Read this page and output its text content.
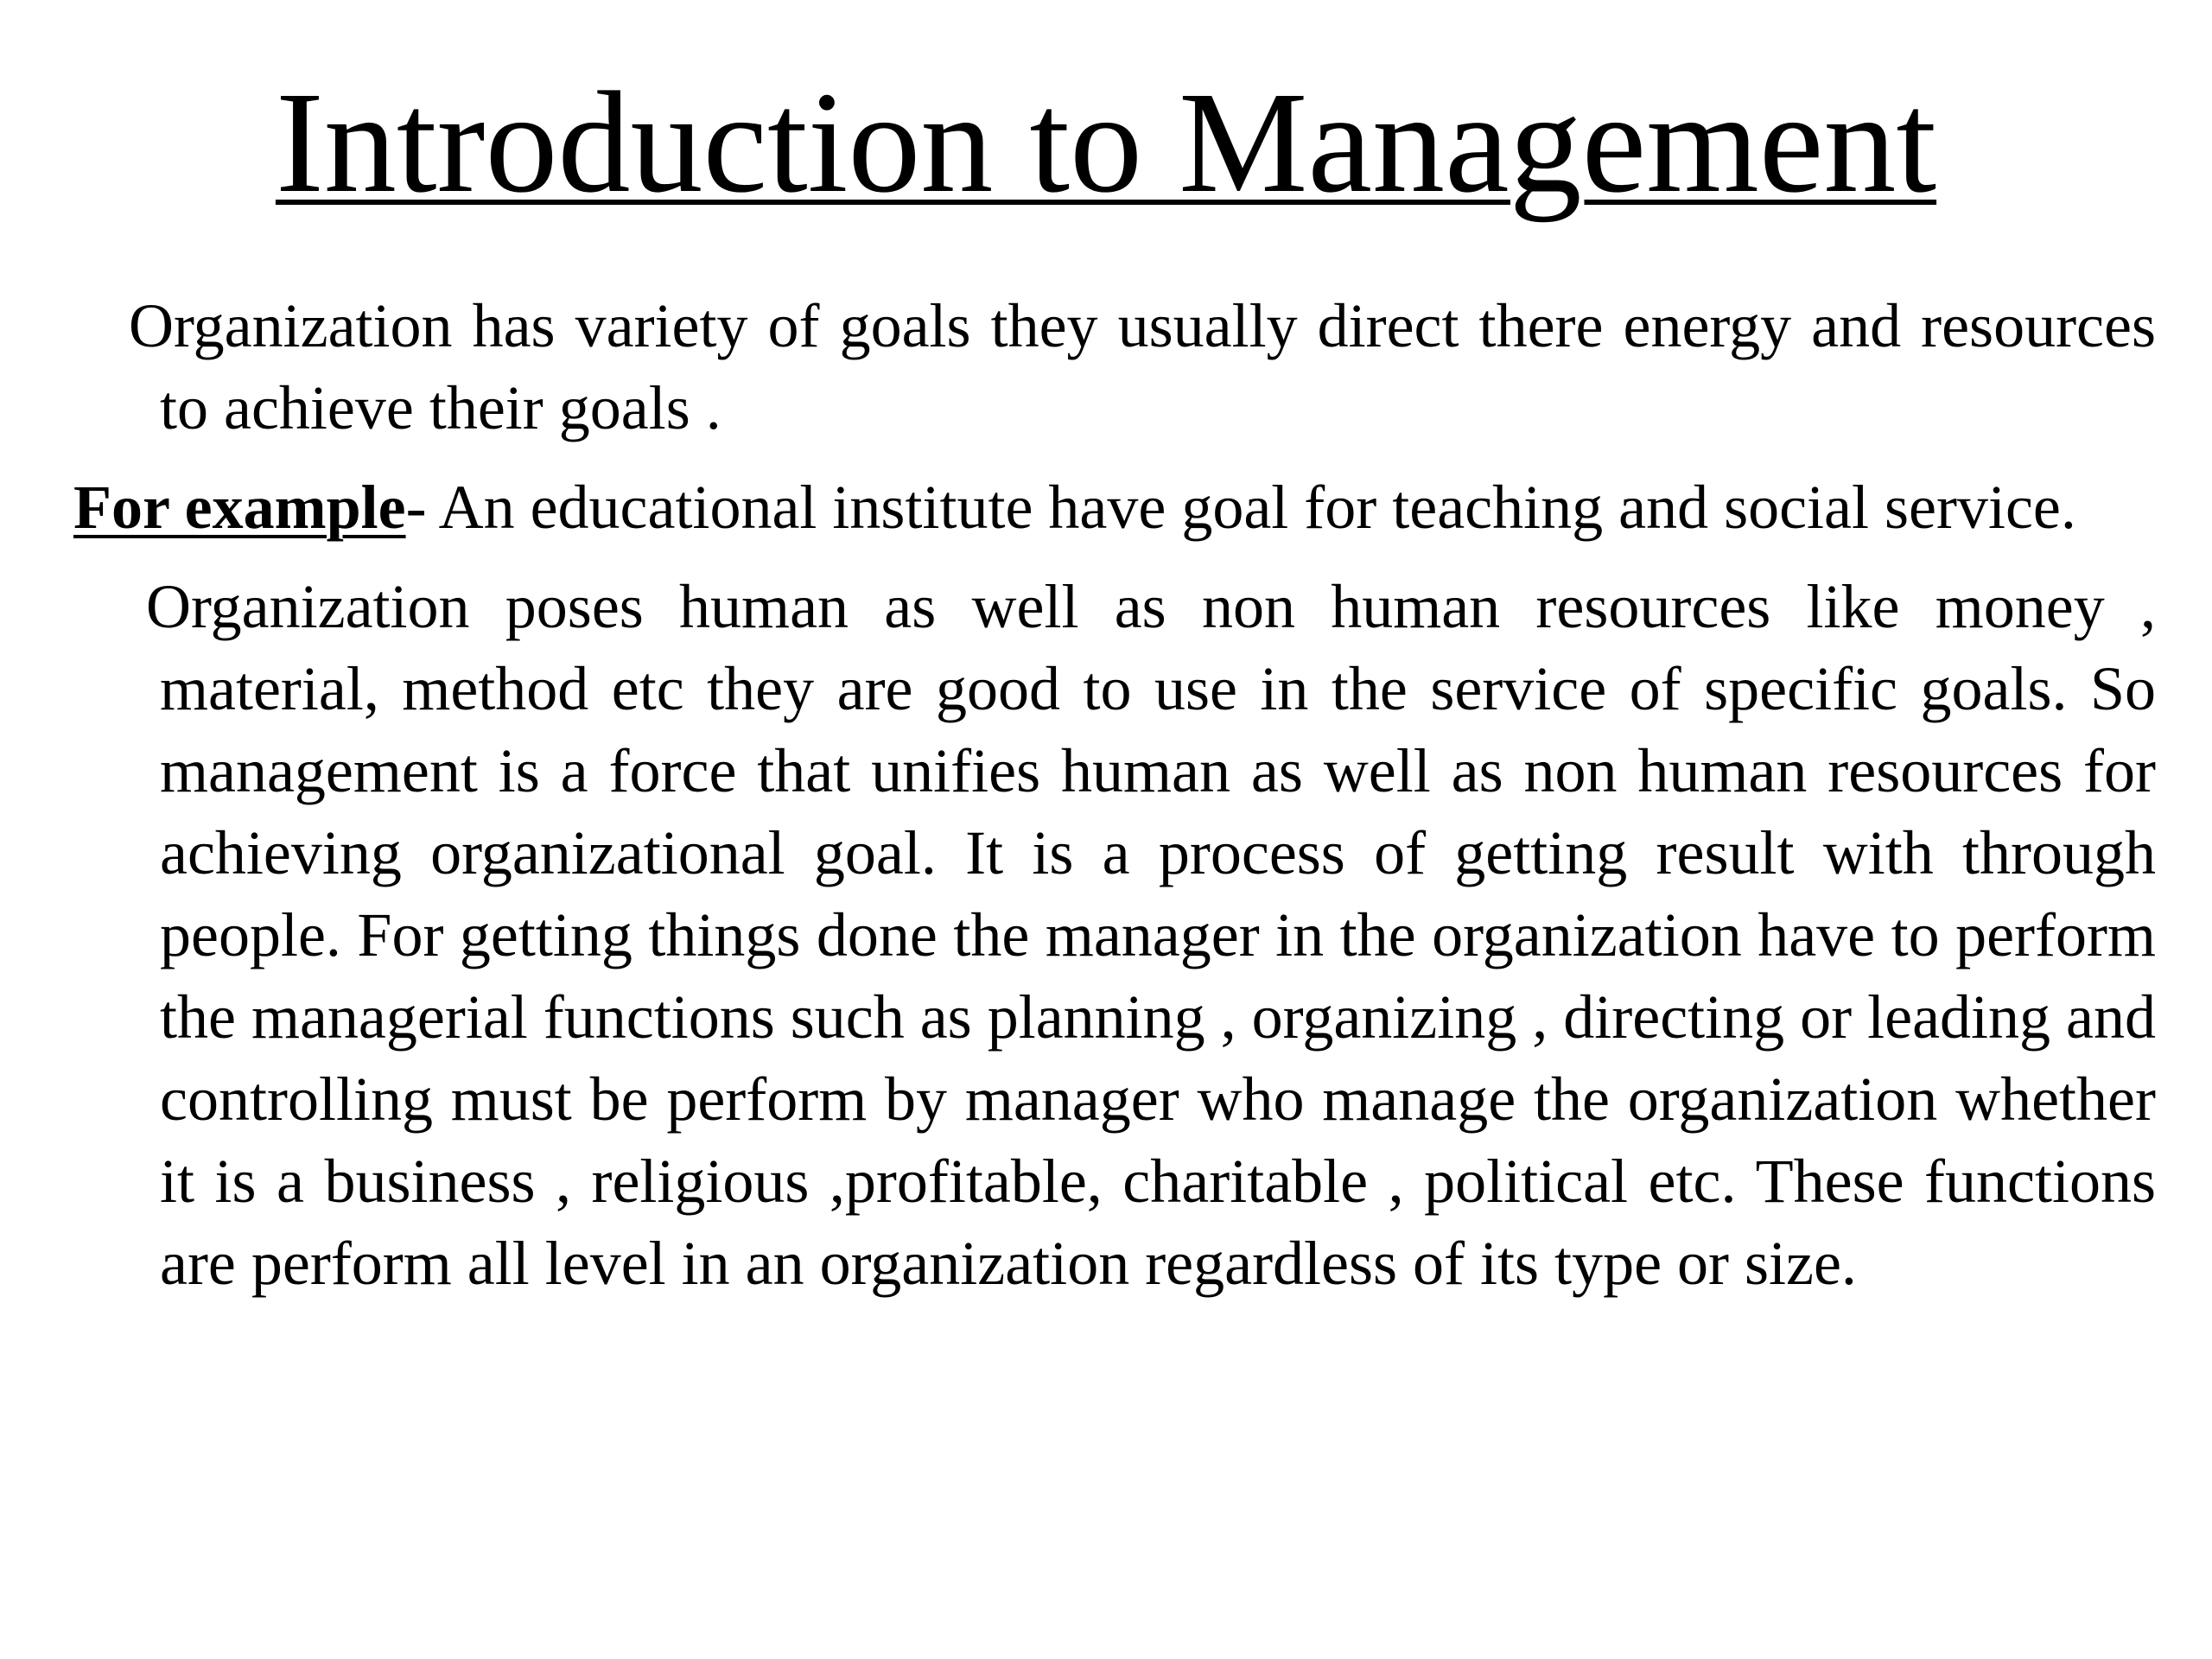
Introduction to Management

Organization has variety of goals they usually direct there energy and resources to achieve their goals .

For example- An educational institute have goal for teaching and social service.

Organization poses human as well as non human resources like money , material, method etc they are good to use in the service of specific goals. So management is a force that unifies human as well as non human resources for achieving organizational goal. It is a process of getting result with through people. For getting things done the manager in the organization have to perform the managerial functions such as planning , organizing , directing or leading and controlling must be perform by manager who manage the organization whether it is a business , religious ,profitable, charitable , political etc. These functions are perform all level in an organization regardless of its type or size.
